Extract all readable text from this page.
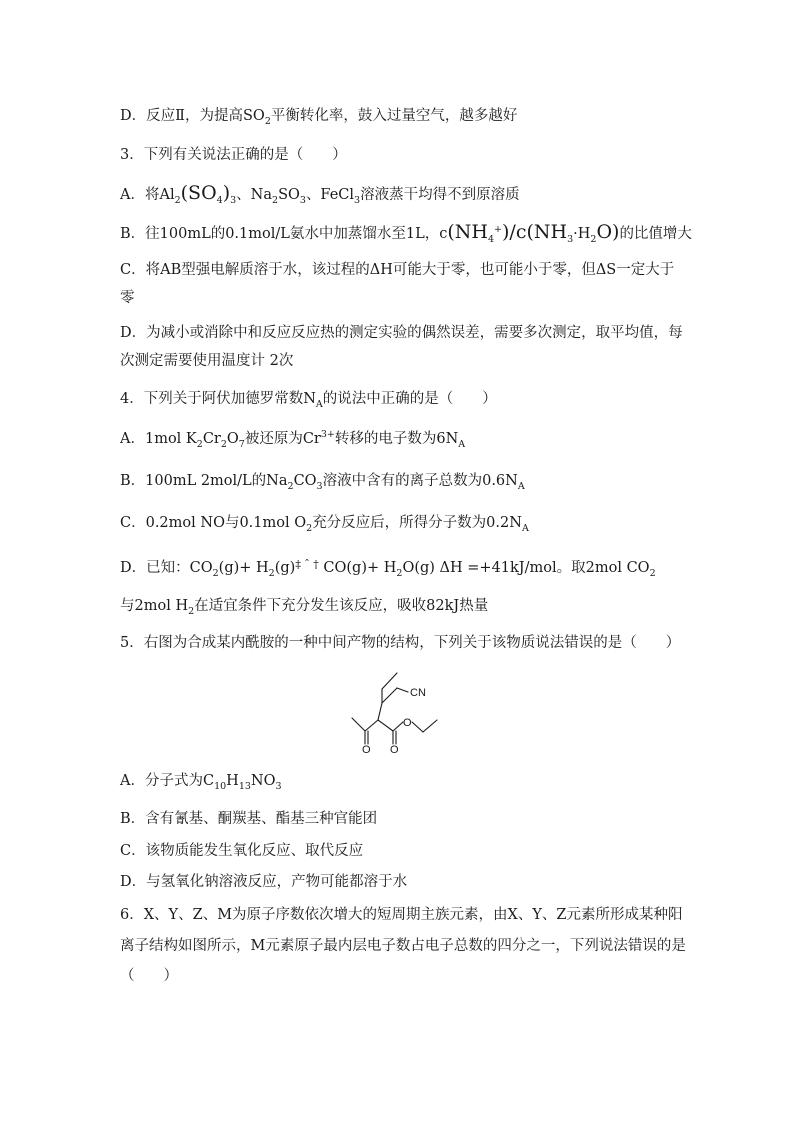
D．反应Ⅱ，为提高$SO_2$平衡转化率，鼓入过量空气，越多越好
3．下列有关说法正确的是（　　）
A．将$Al_2(SO_4)_3$、$Na_2SO_3$、FeCl$_3$溶液蒸干均得不到原溶质
B．往100mL的0.1mol/L氨水中加蒸馏水至1L，$c(NH_4^+)/c(NH_3\cdot H_2O)$的比值增大
C．将AB型强电解质溶于水，该过程的ΔH可能大于零，也可能小于零，但ΔS一定大于
零
D．为减小或消除中和反应反应热的测定实验的偶然误差，需要多次测定，取平均值，每
次测定需要使用温度计 2次
4．下列关于阿伏加德罗常数$N_A$的说法中正确的是（　　）
A．1mol $K_2Cr_2O_7$被还原为$Cr^{3+}$转移的电子数为$6N_A$
B．100mL 2mol/L的$Na_2CO_3$溶液中含有的离子总数为$0.6N_A$
C．0.2mol NO与0.1mol $O_2$充分反应后，所得分子数为$0.2N_A$
D．已知：$CO_2(g)+ H_2(g)^{\ddagger ˆ \dagger}$ $CO(g)+ H_2O(g)$ ΔH =+41kJ/mol。取2mol $CO_2$
与2mol $H_2$在适宜条件下充分发生该反应，吸收82kJ热量
5．右图为合成某内酰胺的一种中间产物的结构，下列关于该物质说法错误的是（　　）
CN
O O
O
A．分子式为$C_{10}H_{13}NO_3$
B．含有氰基、酮羰基、酯基三种官能团
C．该物质能发生氧化反应、取代反应
D．与氢氧化钠溶液反应，产物可能都溶于水
6．X、Y、Z、M为原子序数依次增大的短周期主族元素，由X、Y、Z元素所形成某种阳
离子结构如图所示，M元素原子最内层电子数占电子总数的四分之一，下列说法错误的是
（　　）
